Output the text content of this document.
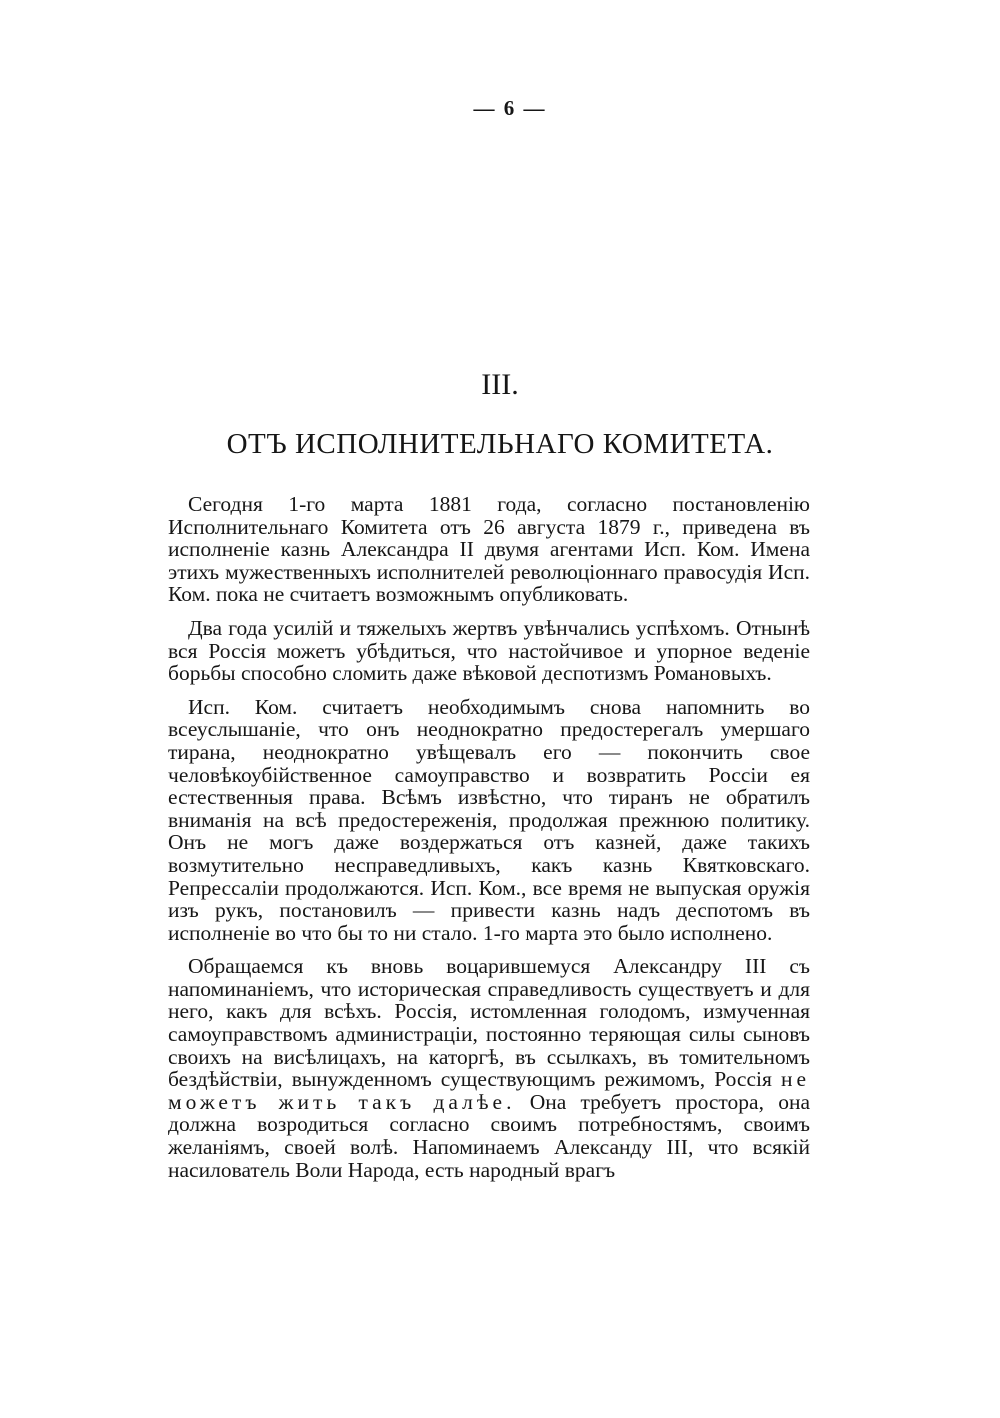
— 6 —
III.
ОТЪ ИСПОЛНИТЕЛЬНАГО КОМИТЕТА.

Сегодня 1-го марта 1881 года, согласно постановленію Исполнительнаго Комитета отъ 26 августа 1879 г., приведена въ исполненіе казнь Александра II двумя агентами Исп. Ком. Имена этихъ мужественныхъ исполнителей революціоннаго правосудія Исп. Ком. пока не считаетъ возможнымъ опубликовать.

Два года усилій и тяжелыхъ жертвъ увѣнчались успѣхомъ. Отнынѣ вся Россія можетъ убѣдиться, что настойчивое и упорное веденіе борьбы способно сломить даже вѣковой деспотизмъ Романовыхъ.

Исп. Ком. считаетъ необходимымъ снова напомнить во всеуслышаніе, что онъ неоднократно предостерегалъ умершаго тирана, неоднократно увѣщевалъ его — покончить свое человѣкоубійственное самоуправство и возвратить Россіи ея естественныя права. Всѣмъ извѣстно, что тиранъ не обратилъ вниманія на всѣ предостереженія, продолжая прежнюю политику. Онъ не могъ даже воздержаться отъ казней, даже такихъ возмутительно несправедливыхъ, какъ казнь Квятковскаго. Репрессаліи продолжаются. Исп. Ком., все время не выпуская оружія изъ рукъ, постановилъ — привести казнь надъ деспотомъ въ исполненіе во что бы то ни стало. 1-го марта это было исполнено.

Обращаемся къ вновь воцарившемуся Александру III съ напоминаніемъ, что историческая справедливость существуетъ и для него, какъ для всѣхъ. Россія, истомленная голодомъ, измученная самоуправствомъ администраціи, постоянно теряющая силы сыновъ своихъ на висѣлицахъ, на каторгѣ, въ ссылкахъ, въ томительномъ бездѣйствіи, вынужденномъ существующимъ режимомъ, Россія не можетъ жить такъ далѣе. Она требуетъ простора, она должна возродиться согласно своимъ потребностямъ, своимъ желаніямъ, своей волѣ. Напоминаемъ Александу III, что всякій насилователь Воли Народа, есть народный врагъ
